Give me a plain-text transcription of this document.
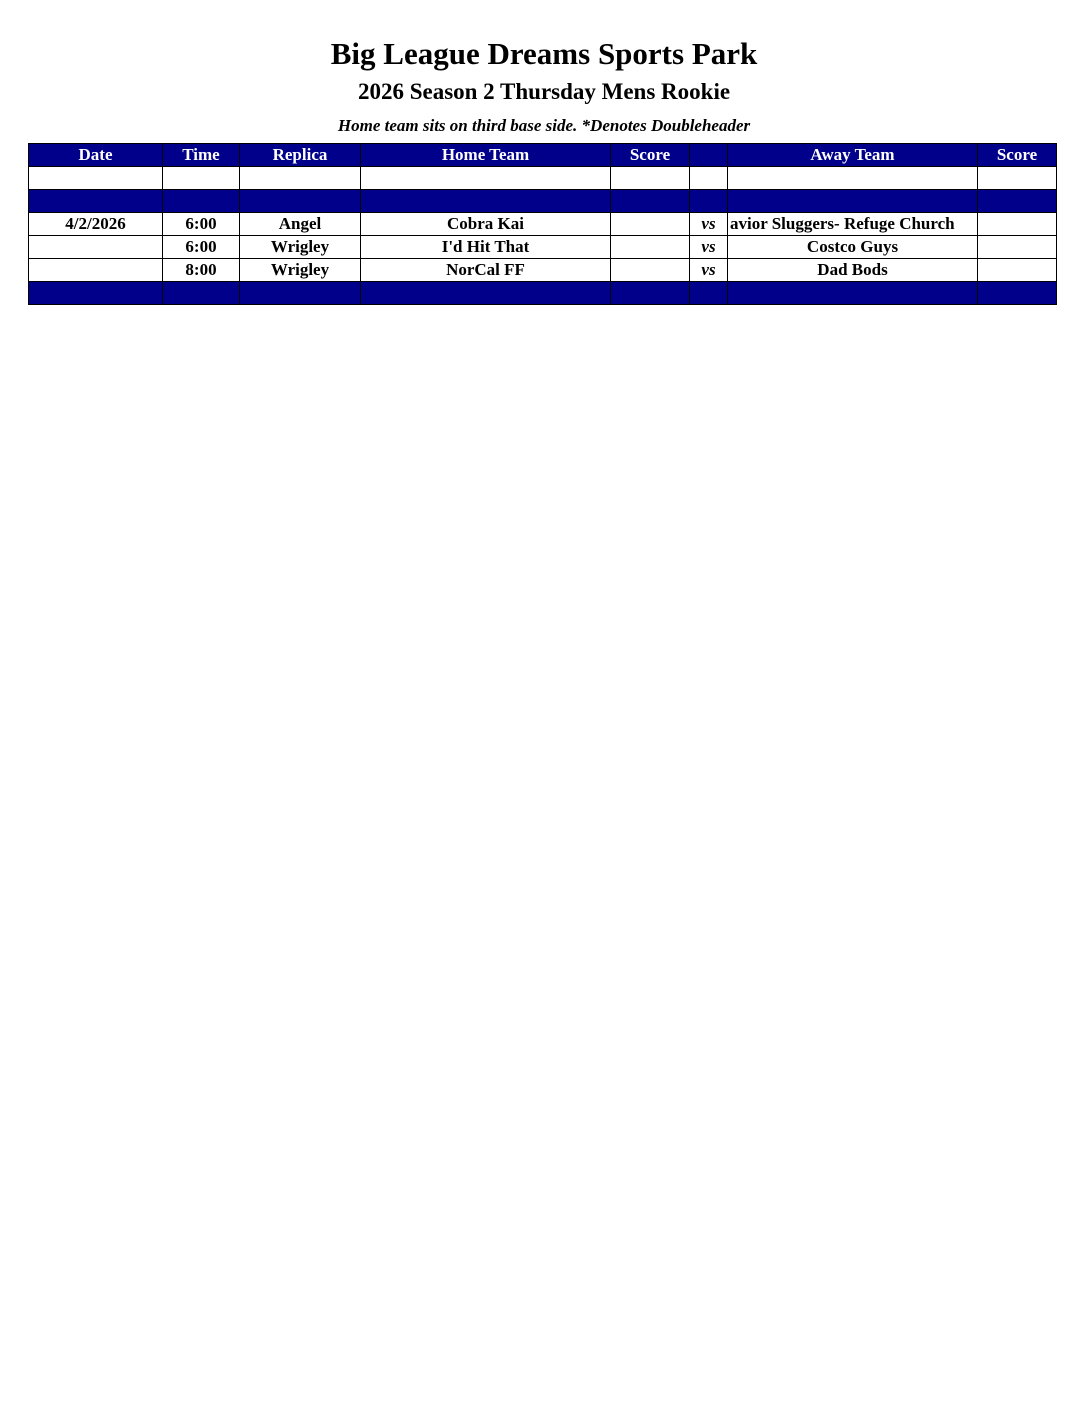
Big League Dreams Sports Park
2026 Season 2 Thursday Mens Rookie
Home team sits on third base side. *Denotes Doubleheader
Date	Time	Replica	Home Team	Score		Away Team	Score

4/2/2026	6:00	Angel	Cobra Kai		vs	avior Sluggers- Refuge Church	

	6:00	Wrigley	I'd Hit That		vs	Costco Guys	
	8:00	Wrigley	NorCal FF		vs	Dad Bods	
